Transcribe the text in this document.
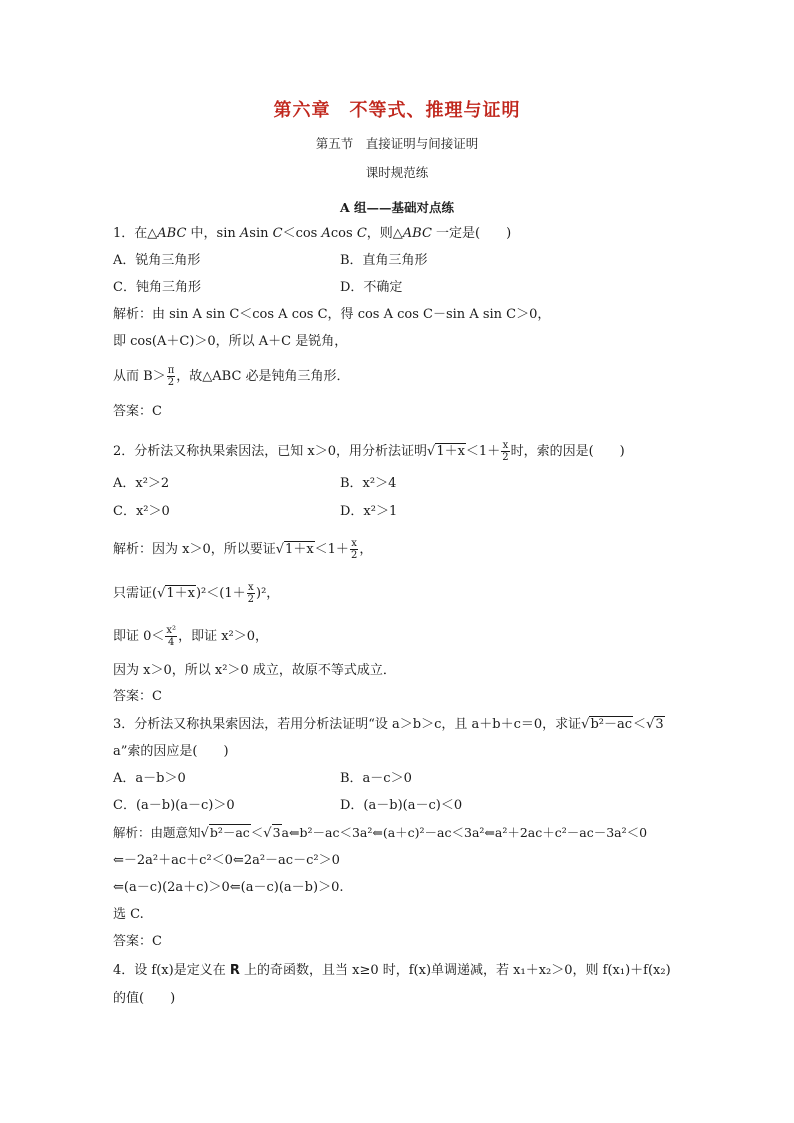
第六章　不等式、推理与证明
第五节　直接证明与间接证明
课时规范练
A 组——基础对点练
1．在△ABC 中，sin Asin C＜cos Acos C，则△ABC 一定是(　　)
A．锐角三角形	B．直角三角形
C．钝角三角形	D．不确定
解析：由 sin A sin C＜cos A cos C，得 cos A cos C－sin A sin C＞0，
即 cos(A＋C)＞0，所以 A＋C 是锐角，
从而 $B> \frac{\pi}{2}$ ，故△ABC 必是钝角三角形．
答案：C
2．分析法又称执果索因法，已知 x＞0，用分析法证明$√1+x<1+ \frac{x}{2}$ 时，索的因是(　　)
A．x²＞2	B．x²＞4
C．x²＞0	D．x²＞1
解析：因为 x＞0，所以要证$√1+x<1+ \frac{x}{2}$ ，
只需证$(√1+x)^2<(1+ \frac{x}{2} )^2$，
即证 $0< \frac{\text{x²}}{4}$ ，即证 x²＞0，
因为 x＞0，所以 x²＞0 成立，故原不等式成立．
答案：C
3．分析法又称执果索因法，若用分析法证明“设 a＞b＞c，且 a＋b＋c＝0，求证√b²－ac＜√3
a”索的因应是(　　)
A．a－b＞0	B．a－c＞0
C．(a－b)(a－c)＞0	D．(a－b)(a－c)＜0
解析：由题意知√b²－ac＜√3a⇐b²－ac＜3a²⇐(a＋c)²－ac＜3a²⇐a²＋2ac＋c²－ac－3a²＜0
⇐－2a²＋ac＋c²＜0⇐2a²－ac－c²＞0
⇐(a－c)(2a＋c)＞0⇐(a－c)(a－b)＞0.
选 C.
答案：C
4．设 f(x)是定义在 R 上的奇函数，且当 x≥0 时，f(x)单调递减，若 x₁＋x₂＞0，则 f(x₁)＋f(x₂)
的值(　　)
